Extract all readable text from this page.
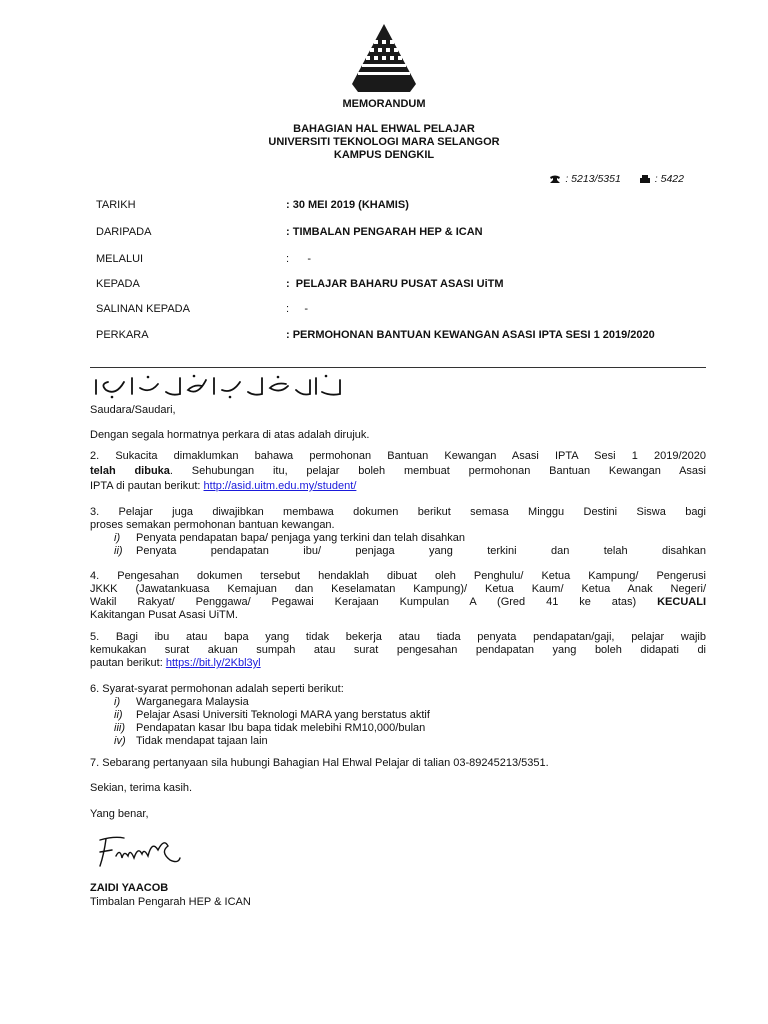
MEMORANDUM
BAHAGIAN HAL EHWAL PELAJAR
UNIVERSITI TEKNOLOGI MARA SELANGOR
KAMPUS DENGKIL
: 5213/5351	: 5422
TARIKH	: 30 MEI 2019 (KHAMIS)
DARIPADA	: TIMBALAN PENGARAH HEP & ICAN
MELALUI	:      -
KEPADA	:  PELAJAR BAHARU PUSAT ASASI UiTM
SALINAN KEPADA	:     -
PERKARA	: PERMOHONAN BANTUAN KEWANGAN ASASI IPTA SESI 1 2019/2020
Saudara/Saudari,
Dengan segala hormatnya perkara di atas adalah dirujuk.
2. Sukacita dimaklumkan bahawa permohonan Bantuan Kewangan Asasi IPTA Sesi 1 2019/2020
telah dibuka. Sehubungan itu, pelajar boleh membuat permohonan Bantuan Kewangan Asasi
IPTA di pautan berikut: http://asid.uitm.edu.my/student/
3. Pelajar juga diwajibkan membawa dokumen berikut semasa Minggu Destini Siswa bagi
proses semakan permohonan bantuan kewangan.
i) Penyata pendapatan bapa/ penjaga yang terkini dan telah disahkan
ii) Penyata pendapatan ibu/ penjaga yang terkini dan telah disahkan
4. Pengesahan dokumen tersebut hendaklah dibuat oleh Penghulu/ Ketua Kampung/ Pengerusi
JKKK (Jawatankuasa Kemajuan dan Keselamatan Kampung)/ Ketua Kaum/ Ketua Anak Negeri/
Wakil Rakyat/ Penggawa/ Pegawai Kerajaan Kumpulan A (Gred 41 ke atas) KECUALI
Kakitangan Pusat Asasi UiTM.
5. Bagi ibu atau bapa yang tidak bekerja atau tiada penyata pendapatan/gaji, pelajar wajib
kemukakan surat akuan sumpah atau surat pengesahan pendapatan yang boleh didapati di
pautan berikut: https://bit.ly/2Kbl3yl
6. Syarat-syarat permohonan adalah seperti berikut:
i) Warganegara Malaysia
ii) Pelajar Asasi Universiti Teknologi MARA yang berstatus aktif
iii) Pendapatan kasar Ibu bapa tidak melebihi RM10,000/bulan
iv) Tidak mendapat tajaan lain
7. Sebarang pertanyaan sila hubungi Bahagian Hal Ehwal Pelajar di talian 03-89245213/5351.
Sekian, terima kasih.
Yang benar,
ZAIDI YAACOB
Timbalan Pengarah HEP & ICAN
